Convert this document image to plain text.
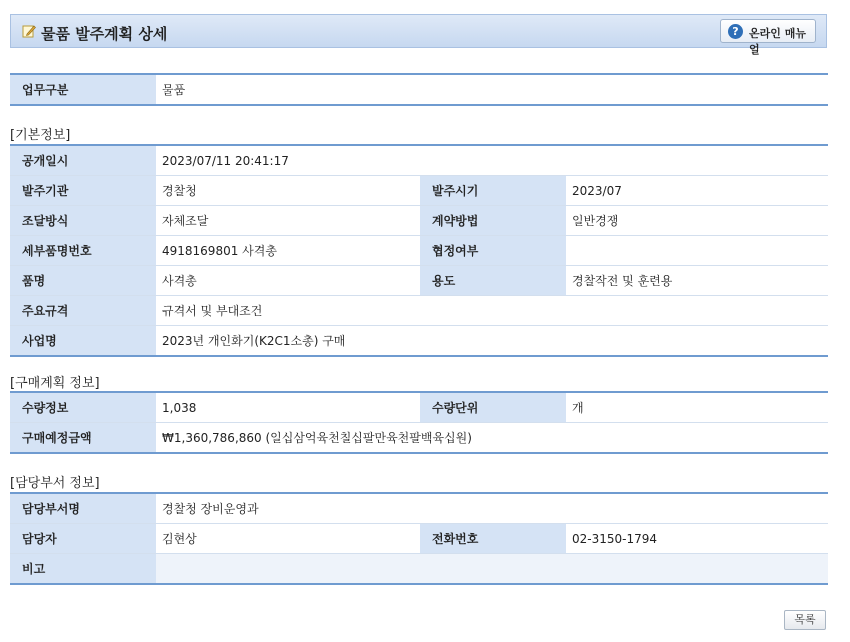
물품 발주계획 상세	? 온라인 매뉴얼
업무구분	물품
[기본정보]
공개일시	2023/07/11 20:41:17		
발주기관	경찰청	발주시기	2023/07
조달방식	자체조달	계약방법	일반경쟁
세부품명번호	4918169801 사격총	협정여부	
품명	사격총	용도	경찰작전 및 훈련용
주요규격	규격서 및 부대조건		
사업명	2023년 개인화기(K2C1소총) 구매		
[구매계획 정보]
수량정보	1,038	수량단위	개
구매예정금액	₩1,360,786,860 (일십삼억육천칠십팔만육천팔백육십원)		
[담당부서 정보]
담당부서명	경찰청 장비운영과		
담당자	김현상	전화번호	02-3150-1794
비고			
목록
